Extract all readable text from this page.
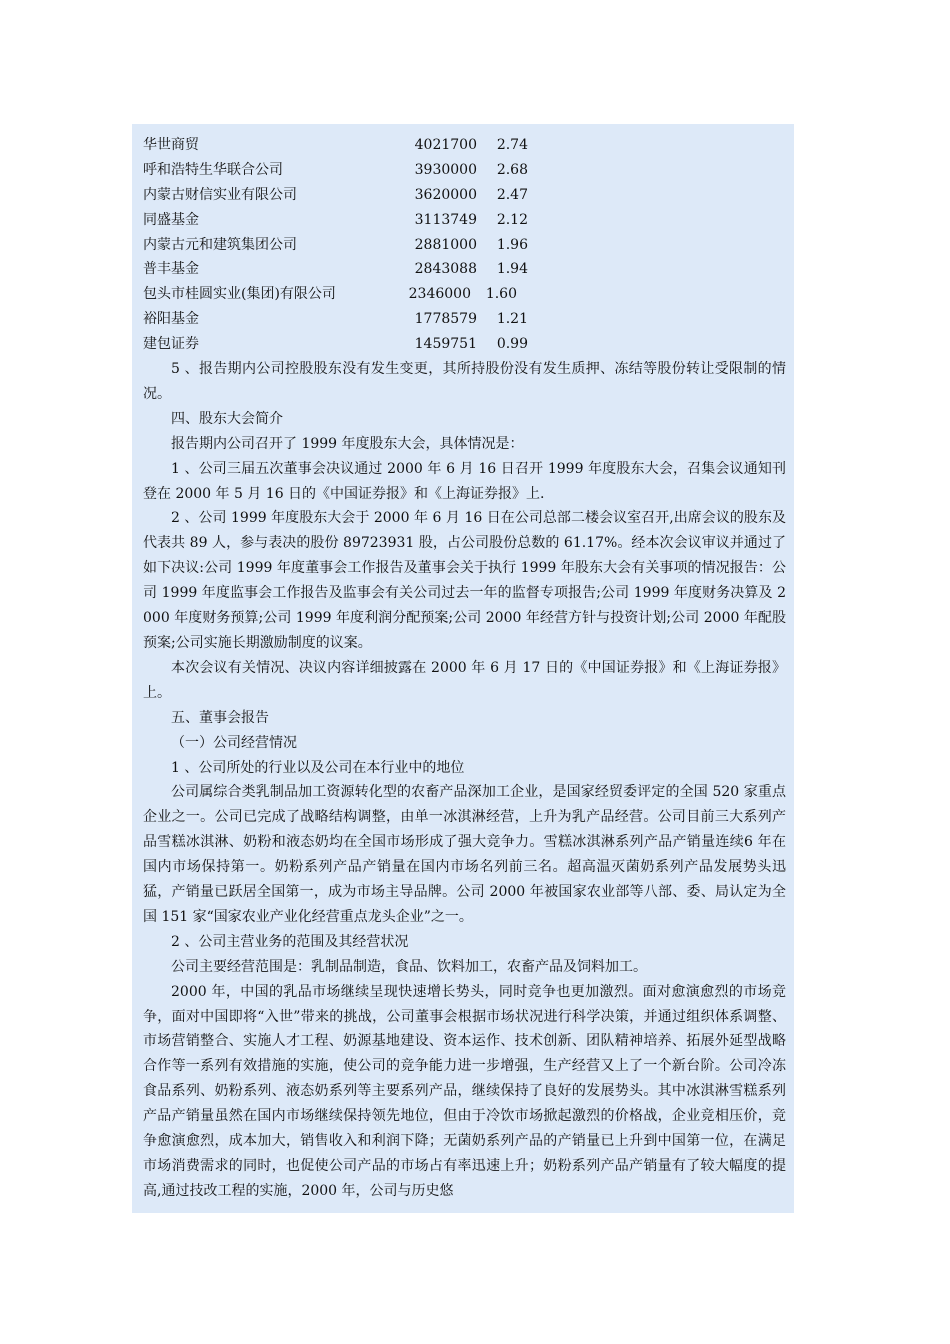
华世商贸	4021700	2.74
呼和浩特生华联合公司	3930000	2.68
内蒙古财信实业有限公司	3620000	2.47
同盛基金	3113749	2.12
内蒙古元和建筑集团公司	2881000	1.96
普丰基金	2843088	1.94
包头市桂圆实业(集团)有限公司	2346000	1.60
裕阳基金	1778579	1.21
建包证券	1459751	0.99

5 、报告期内公司控股股东没有发生变更，其所持股份没有发生质押、冻结等股份转让受限制的情况。

四、股东大会简介

报告期内公司召开了 1999 年度股东大会，具体情况是：

1 、公司三届五次董事会决议通过 2000 年 6 月 16 日召开 1999 年度股东大会，召集会议通知刊登在 2000 年 5 月 16 日的《中国证券报》和《上海证券报》上.

2 、公司 1999 年度股东大会于 2000 年 6 月 16 日在公司总部二楼会议室召开,出席会议的股东及代表共 89 人，参与表决的股份 89723931 股，占公司股份总数的 61.17%。经本次会议审议并通过了如下决议:公司 1999 年度董事会工作报告及董事会关于执行 1999 年股东大会有关事项的情况报告：公司 1999 年度监事会工作报告及监事会有关公司过去一年的监督专项报告;公司 1999 年度财务决算及 2000 年度财务预算;公司 1999 年度利润分配预案;公司 2000 年经营方针与投资计划;公司 2000 年配股预案;公司实施长期激励制度的议案。

本次会议有关情况、决议内容详细披露在 2000 年 6 月 17 日的《中国证券报》和《上海证券报》上。

五、董事会报告

（一）公司经营情况

1 、公司所处的行业以及公司在本行业中的地位

公司属综合类乳制品加工资源转化型的农畜产品深加工企业，是国家经贸委评定的全国 520 家重点企业之一。公司已完成了战略结构调整，由单一冰淇淋经营，上升为乳产品经营。公司目前三大系列产品雪糕冰淇淋、奶粉和液态奶均在全国市场形成了强大竞争力。雪糕冰淇淋系列产品产销量连续6 年在国内市场保持第一。奶粉系列产品产销量在国内市场名列前三名。超高温灭菌奶系列产品发展势头迅猛，产销量已跃居全国第一，成为市场主导品牌。公司 2000 年被国家农业部等八部、委、局认定为全国 151 家“国家农业产业化经营重点龙头企业”之一。

2 、公司主营业务的范围及其经营状况

公司主要经营范围是：乳制品制造，食品、饮料加工，农畜产品及饲料加工。

2000 年，中国的乳品市场继续呈现快速增长势头，同时竞争也更加激烈。面对愈演愈烈的市场竞争，面对中国即将“入世”带来的挑战，公司董事会根据市场状况进行科学决策，并通过组织体系调整、市场营销整合、实施人才工程、奶源基地建设、资本运作、技术创新、团队精神培养、拓展外延型战略合作等一系列有效措施的实施，使公司的竞争能力进一步增强，生产经营又上了一个新台阶。公司冷冻食品系列、奶粉系列、液态奶系列等主要系列产品，继续保持了良好的发展势头。其中冰淇淋雪糕系列产品产销量虽然在国内市场继续保持领先地位，但由于冷饮市场掀起激烈的价格战，企业竞相压价，竞争愈演愈烈，成本加大，销售收入和利润下降；无菌奶系列产品的产销量已上升到中国第一位，在满足市场消费需求的同时，也促使公司产品的市场占有率迅速上升；奶粉系列产品产销量有了较大幅度的提高,通过技改工程的实施，2000 年，公司与历史悠
